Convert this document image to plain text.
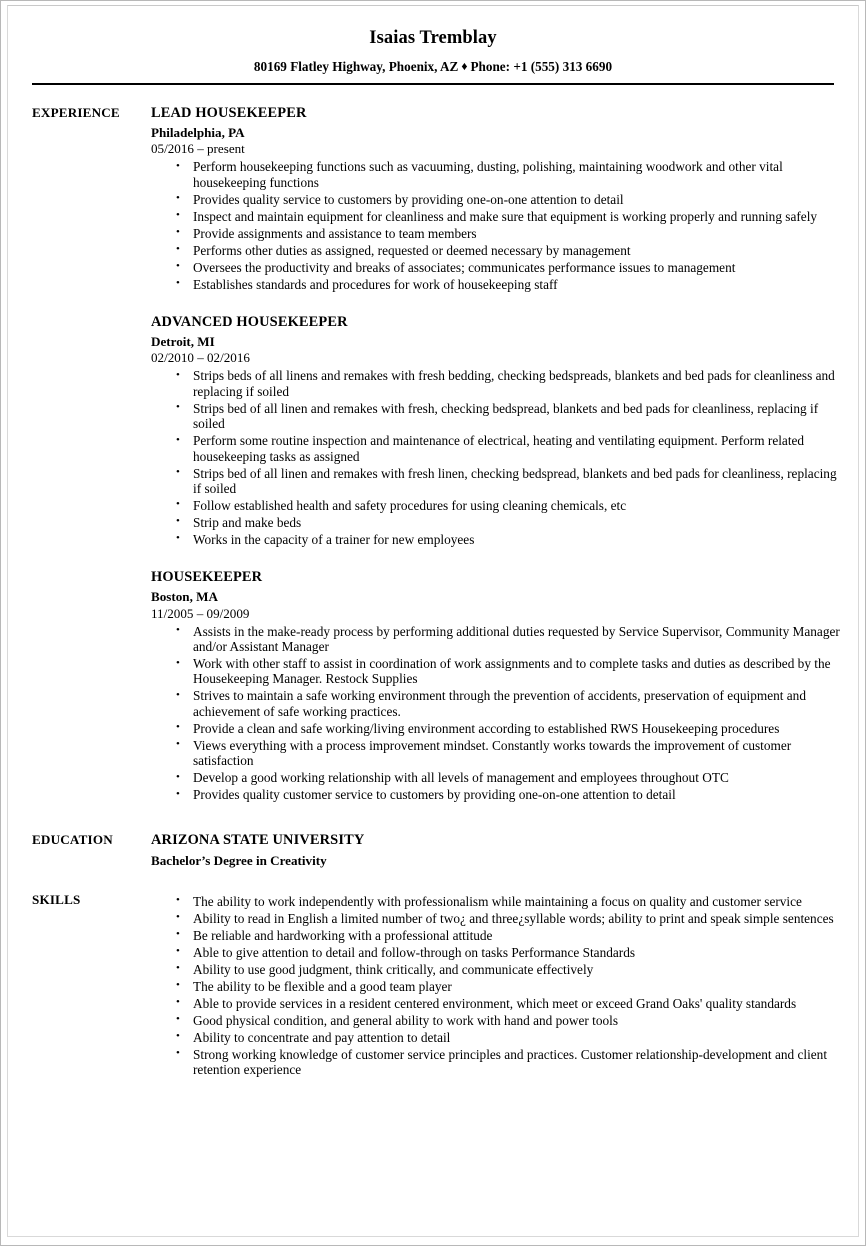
Isaias Tremblay

80169 Flatley Highway, Phoenix, AZ ♦ Phone: +1 (555) 313 6690

EXPERIENCE	LEAD HOUSEKEEPER
Philadelphia, PA
05/2016 – present
• Perform housekeeping functions such as vacuuming, dusting, polishing, maintaining woodwork and other vital housekeeping functions
• Provides quality service to customers by providing one-on-one attention to detail
• Inspect and maintain equipment for cleanliness and make sure that equipment is working properly and running safely
• Provide assignments and assistance to team members
• Performs other duties as assigned, requested or deemed necessary by management
• Oversees the productivity and breaks of associates; communicates performance issues to management
• Establishes standards and procedures for work of housekeeping staff
ADVANCED HOUSEKEEPER
Detroit, MI
02/2010 – 02/2016
• Strips beds of all linens and remakes with fresh bedding, checking bedspreads, blankets and bed pads for cleanliness and replacing if soiled
• Strips bed of all linen and remakes with fresh, checking bedspread, blankets and bed pads for cleanliness, replacing if soiled
• Perform some routine inspection and maintenance of electrical, heating and ventilating equipment. Perform related housekeeping tasks as assigned
• Strips bed of all linen and remakes with fresh linen, checking bedspread, blankets and bed pads for cleanliness, replacing if soiled
• Follow established health and safety procedures for using cleaning chemicals, etc
• Strip and make beds
• Works in the capacity of a trainer for new employees
HOUSEKEEPER
Boston, MA
11/2005 – 09/2009
• Assists in the make-ready process by performing additional duties requested by Service Supervisor, Community Manager and/or Assistant Manager
• Work with other staff to assist in coordination of work assignments and to complete tasks and duties as described by the Housekeeping Manager. Restock Supplies
• Strives to maintain a safe working environment through the prevention of accidents, preservation of equipment and achievement of safe working practices.
• Provide a clean and safe working/living environment according to established RWS Housekeeping procedures
• Views everything with a process improvement mindset. Constantly works towards the improvement of customer satisfaction
• Develop a good working relationship with all levels of management and employees throughout OTC
• Provides quality customer service to customers by providing one-on-one attention to detail
EDUCATION	ARIZONA STATE UNIVERSITY
Bachelor’s Degree in Creativity
SKILLS	• The ability to work independently with professionalism while maintaining a focus on quality and customer service
• Ability to read in English a limited number of two¿ and three¿syllable words; ability to print and speak simple sentences
• Be reliable and hardworking with a professional attitude
• Able to give attention to detail and follow-through on tasks Performance Standards
• Ability to use good judgment, think critically, and communicate effectively
• The ability to be flexible and a good team player
• Able to provide services in a resident centered environment, which meet or exceed Grand Oaks' quality standards
• Good physical condition, and general ability to work with hand and power tools
• Ability to concentrate and pay attention to detail
• Strong working knowledge of customer service principles and practices. Customer relationship-development and client retention experience
